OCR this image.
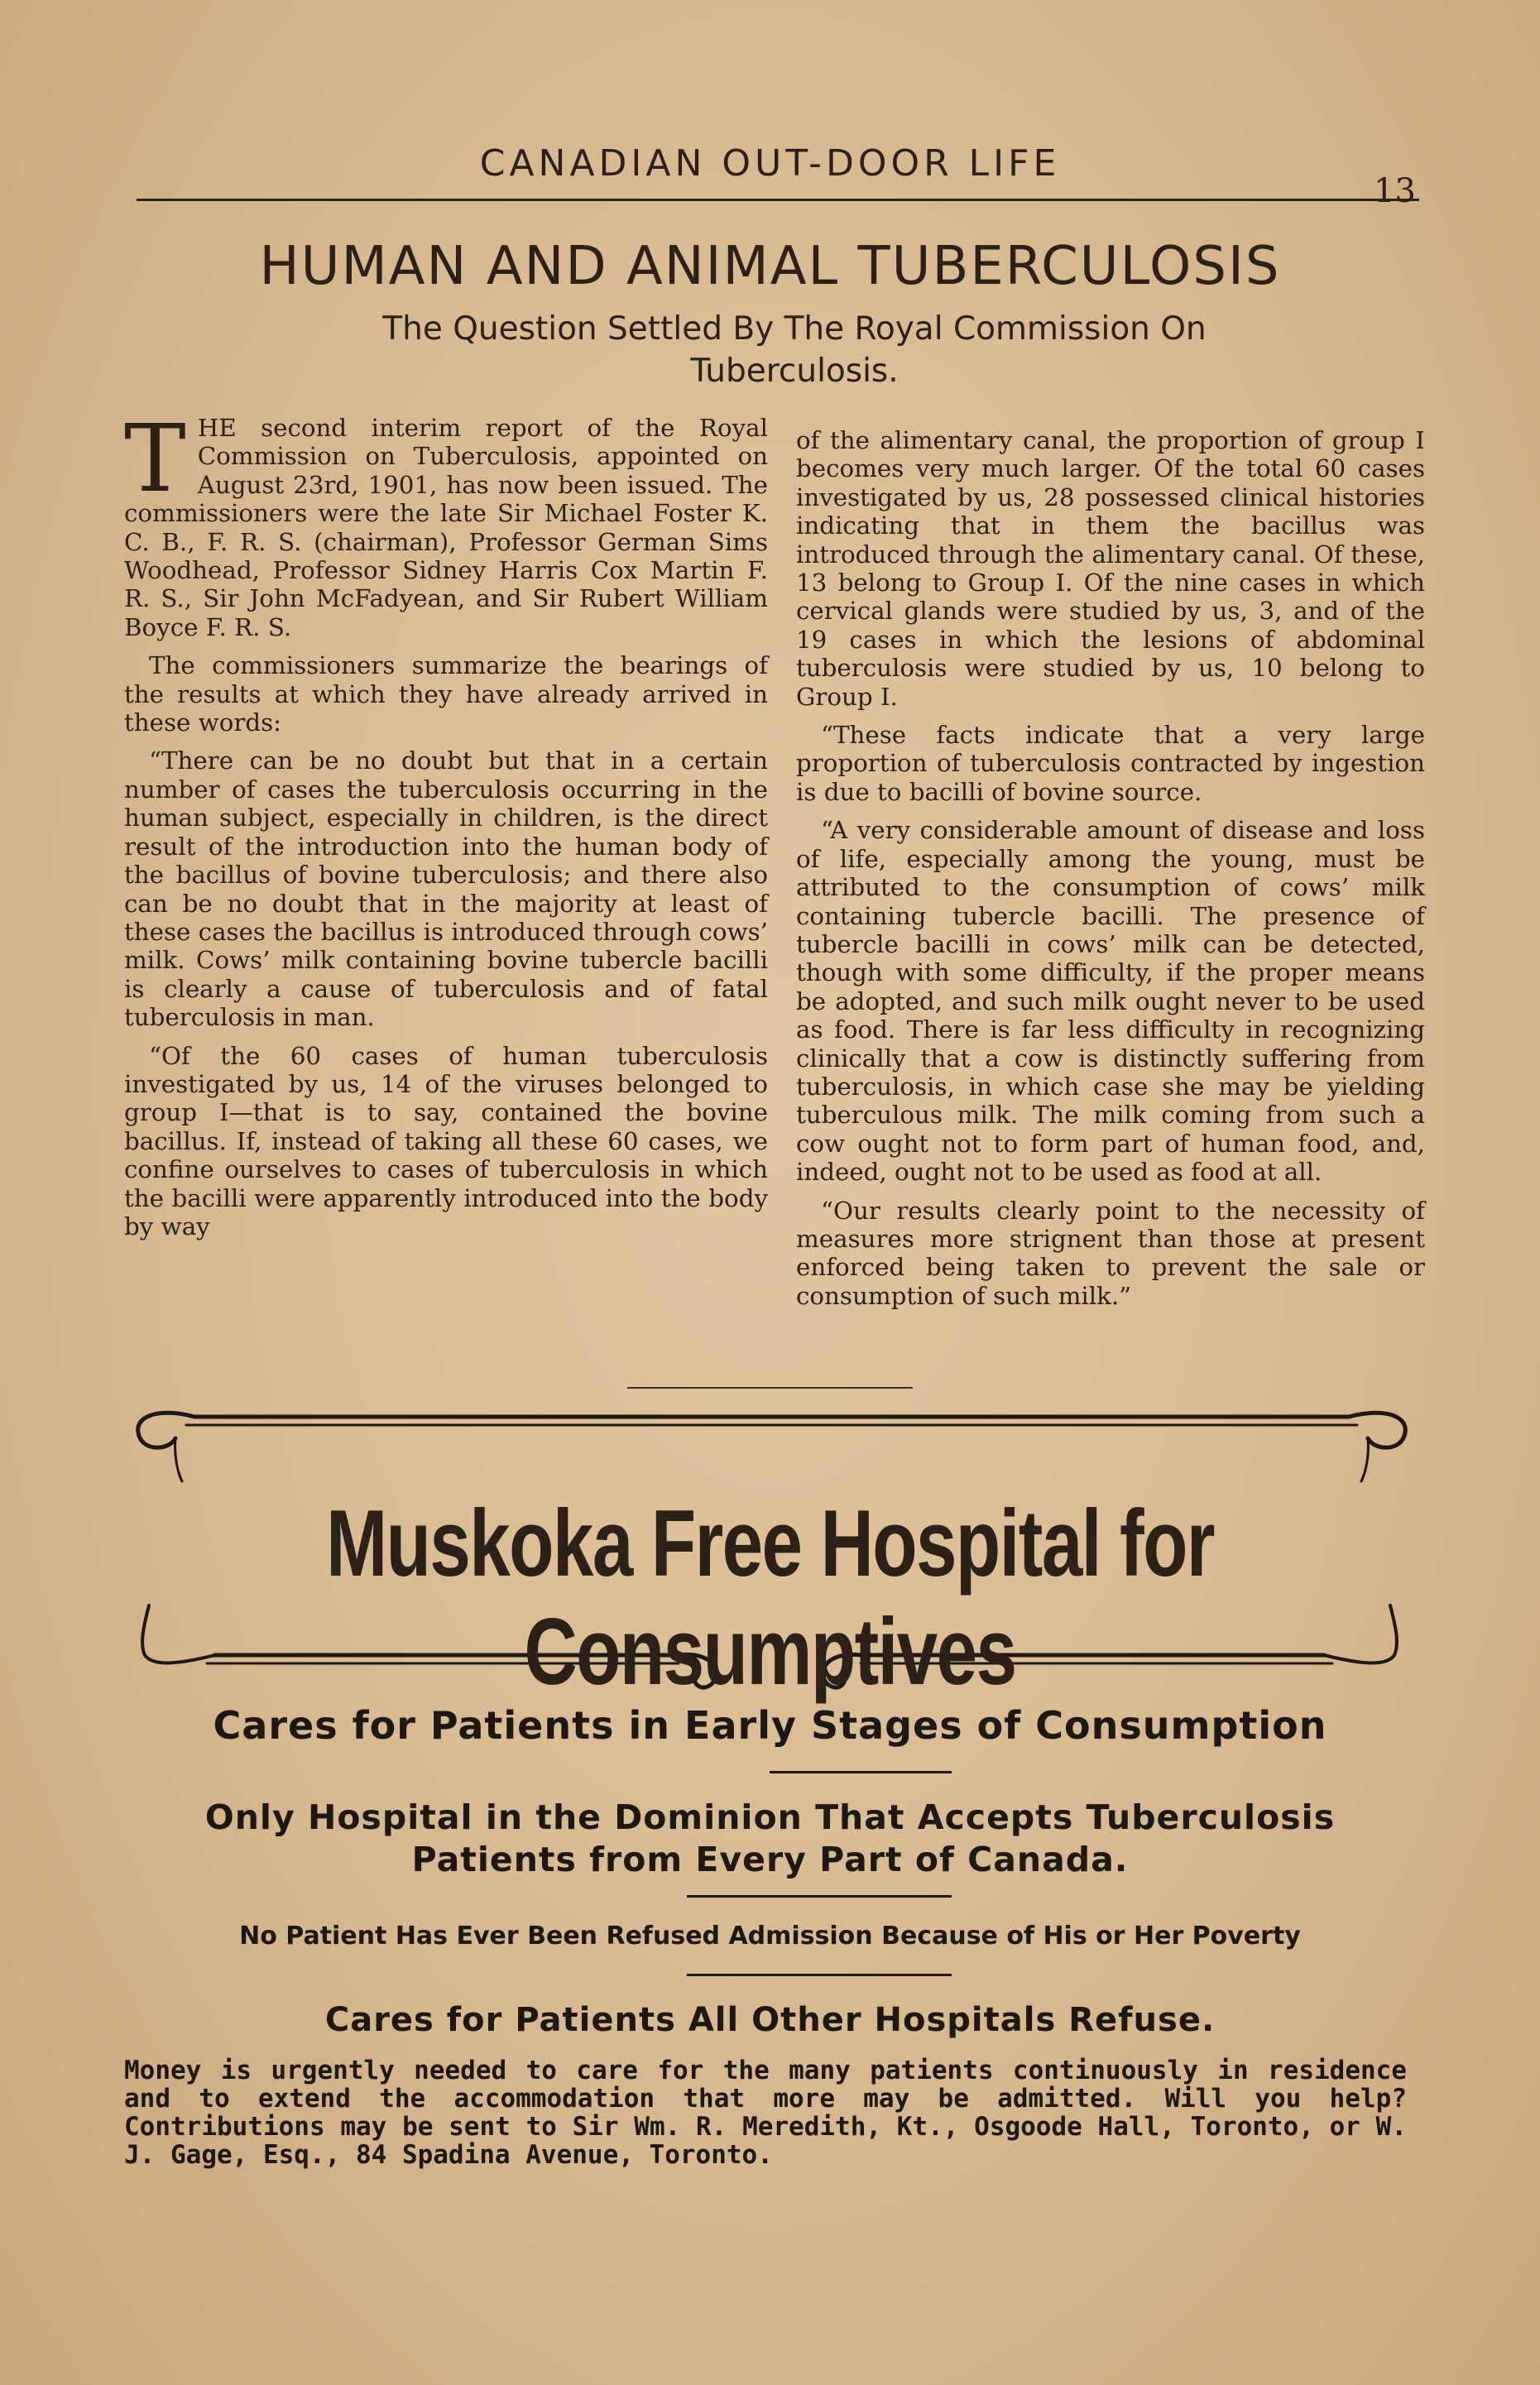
CANADIAN OUT-DOOR LIFE
13
HUMAN AND ANIMAL TUBERCULOSIS
The Question Settled By The Royal Commission On Tuberculosis.

THE second interim report of the Royal Commission on Tuberculosis, appointed on August 23rd, 1901, has now been issued. The commissioners were the late Sir Michael Foster K. C. B., F. R. S. (chairman), Professor German Sims Woodhead, Professor Sidney Harris Cox Martin F. R. S., Sir John McFadyean, and Sir Rubert William Boyce F. R. S.

The commissioners summarize the bearings of the results at which they have already arrived in these words:

“There can be no doubt but that in a certain number of cases the tuberculosis occurring in the human subject, especially in children, is the direct result of the introduction into the human body of the bacillus of bovine tuberculosis; and there also can be no doubt that in the majority at least of these cases the bacillus is introduced through cows’ milk. Cows’ milk containing bovine tubercle bacilli is clearly a cause of tuberculosis and of fatal tuberculosis in man.

“Of the 60 cases of human tuberculosis investigated by us, 14 of the viruses belonged to group I—that is to say, contained the bovine bacillus. If, instead of taking all these 60 cases, we confine ourselves to cases of tuberculosis in which the bacilli were apparently introduced into the body by way

of the alimentary canal, the proportion of group I becomes very much larger. Of the total 60 cases investigated by us, 28 possessed clinical histories indicating that in them the bacillus was introduced through the alimentary canal. Of these, 13 belong to Group I. Of the nine cases in which cervical glands were studied by us, 3, and of the 19 cases in which the lesions of abdominal tuberculosis were studied by us, 10 belong to Group I.

“These facts indicate that a very large proportion of tuberculosis contracted by ingestion is due to bacilli of bovine source.

“A very considerable amount of disease and loss of life, especially among the young, must be attributed to the consumption of cows’ milk containing tubercle bacilli. The presence of tubercle bacilli in cows’ milk can be detected, though with some difficulty, if the proper means be adopted, and such milk ought never to be used as food. There is far less difficulty in recognizing clinically that a cow is distinctly suffering from tuberculosis, in which case she may be yielding tuberculous milk. The milk coming from such a cow ought not to form part of human food, and, indeed, ought not to be used as food at all.

“Our results clearly point to the necessity of measures more strignent than those at present enforced being taken to prevent the sale or consumption of such milk.”

Muskoka Free Hospital for Consumptives
Cares for Patients in Early Stages of Consumption
Only Hospital in the Dominion That Accepts Tuberculosis
Patients from Every Part of Canada.
No Patient Has Ever Been Refused Admission Because of His or Her Poverty
Cares for Patients All Other Hospitals Refuse.
Money is urgently needed to care for the many patients continuously in residence and to extend the accommodation that more may be admitted. Will you help? Contributions may be sent to Sir Wm. R. Meredith, Kt., Osgoode Hall, Toronto, or W. J. Gage, Esq., 84 Spadina Avenue, Toronto.
